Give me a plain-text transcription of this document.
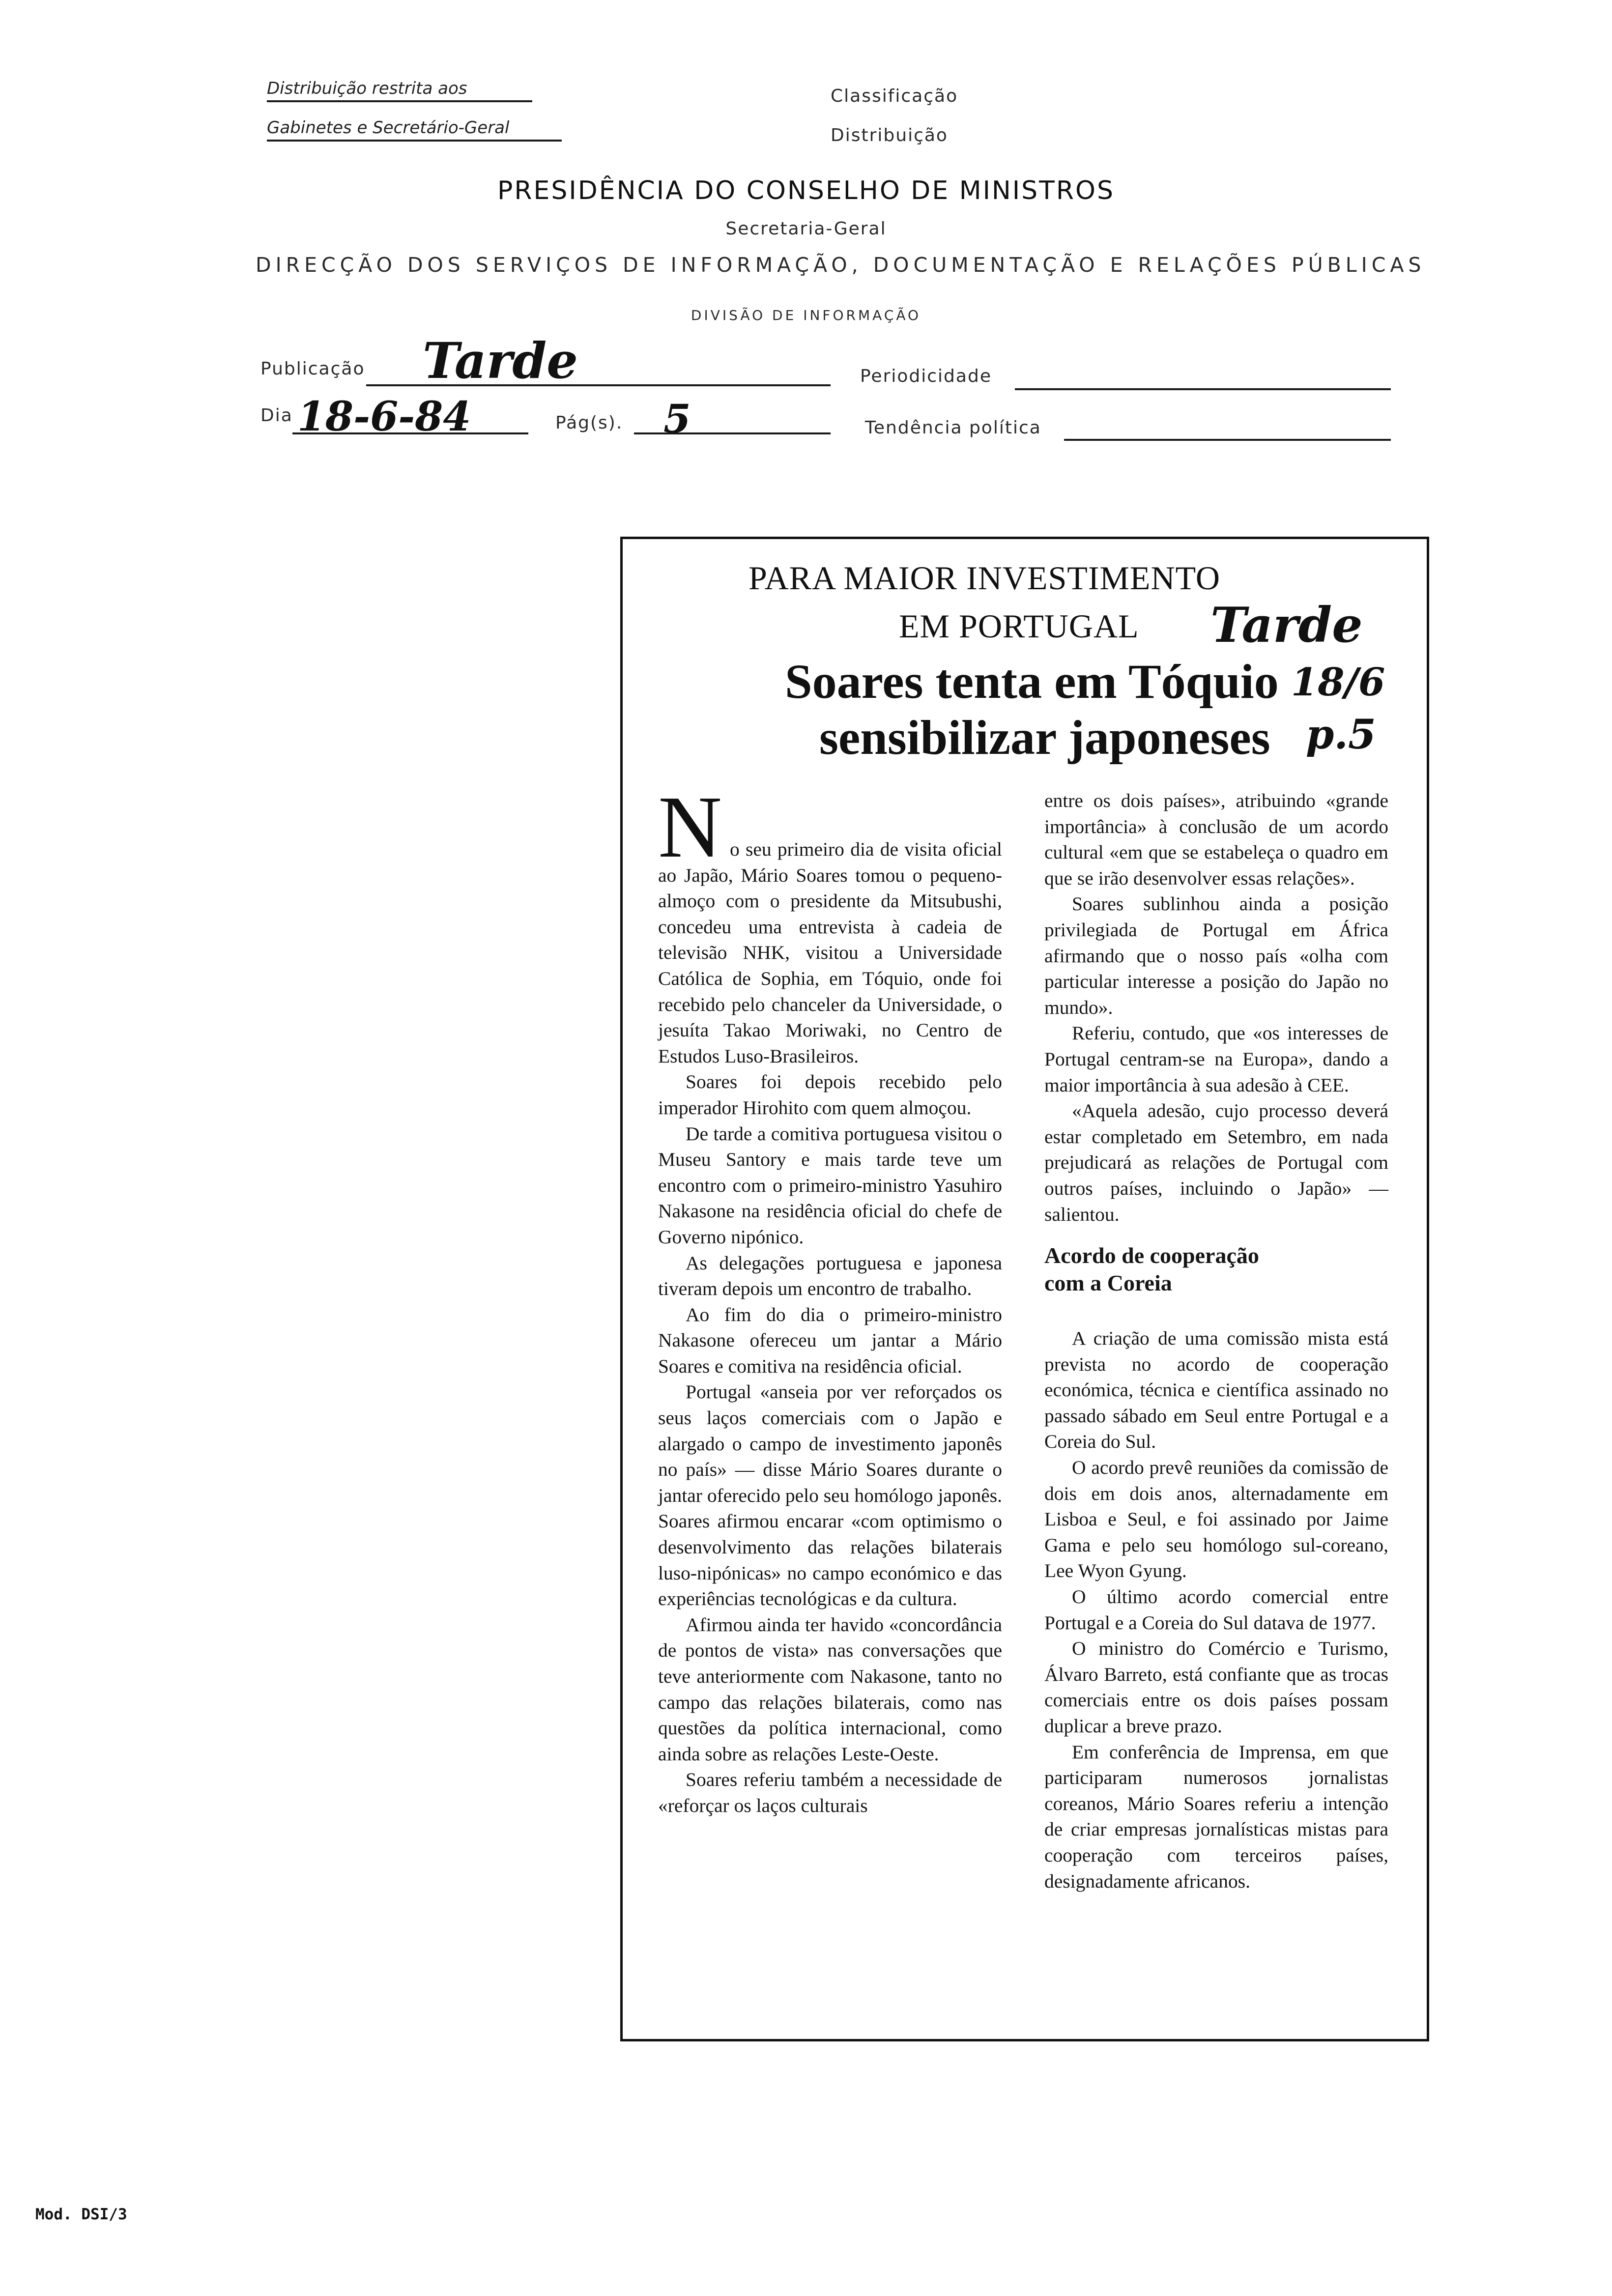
Distribuição restrita aos
Gabinetes e Secretário-Geral
Classificação
Distribuição
PRESIDÊNCIA DO CONSELHO DE MINISTROS
Secretaria-Geral
DIRECÇÃO DOS SERVIÇOS DE INFORMAÇÃO, DOCUMENTAÇÃO E RELAÇÕES PÚBLICAS
DIVISÃO DE INFORMAÇÃO
Publicação Tarde	Periodicidade
Dia 18-6-84	Pág(s). 5	Tendência política
PARA MAIOR INVESTIMENTO
EM PORTUGAL Tarde
Soares tenta em Tóquio 18/6
sensibilizar japoneses p.5
N o seu primeiro dia de visita oficial ao Japão, Mário Soares tomou o pequeno-almoço com o presidente da Mitsubushi, concedeu uma entrevista à cadeia de televisão NHK, visitou a Universidade Católica de Sophia, em Tóquio, onde foi recebido pelo chanceler da Universidade, o jesuíta Takao Moriwaki, no Centro de Estudos Luso-Brasileiros.

Soares foi depois recebido pelo imperador Hirohito com quem almoçou.

De tarde a comitiva portuguesa visitou o Museu Santory e mais tarde teve um encontro com o primeiro-ministro Yasuhiro Nakasone na residência oficial do chefe de Governo nipónico.

As delegações portuguesa e japonesa tiveram depois um encontro de trabalho.

Ao fim do dia o primeiro-ministro Nakasone ofereceu um jantar a Mário Soares e comitiva na residência oficial.

Portugal «anseia por ver reforçados os seus laços comerciais com o Japão e alargado o campo de investimento japonês no país» — disse Mário Soares durante o jantar oferecido pelo seu homólogo japonês. Soares afirmou encarar «com optimismo o desenvolvimento das relações bilaterais luso-nipónicas» no campo económico e das experiências tecnológicas e da cultura.

Afirmou ainda ter havido «concordância de pontos de vista» nas conversações que teve anteriormente com Nakasone, tanto no campo das relações bilaterais, como nas questões da política internacional, como ainda sobre as relações Leste-Oeste.

Soares referiu também a necessidade de «reforçar os laços culturais

entre os dois países», atribuindo «grande importância» à conclusão de um acordo cultural «em que se estabeleça o quadro em que se irão desenvolver essas relações».

Soares sublinhou ainda a posição privilegiada de Portugal em África afirmando que o nosso país «olha com particular interesse a posição do Japão no mundo».

Referiu, contudo, que «os interesses de Portugal centram-se na Europa», dando a maior importância à sua adesão à CEE.

«Aquela adesão, cujo processo deverá estar completado em Setembro, em nada prejudicará as relações de Portugal com outros países, incluindo o Japão» — salientou.

Acordo de cooperação
com a Coreia

A criação de uma comissão mista está prevista no acordo de cooperação económica, técnica e científica assinado no passado sábado em Seul entre Portugal e a Coreia do Sul.

O acordo prevê reuniões da comissão de dois em dois anos, alternadamente em Lisboa e Seul, e foi assinado por Jaime Gama e pelo seu homólogo sul-coreano, Lee Wyon Gyung.

O último acordo comercial entre Portugal e a Coreia do Sul datava de 1977.

O ministro do Comércio e Turismo, Álvaro Barreto, está confiante que as trocas comerciais entre os dois países possam duplicar a breve prazo.

Em conferência de Imprensa, em que participaram numerosos jornalistas coreanos, Mário Soares referiu a intenção de criar empresas jornalísticas mistas para cooperação com terceiros países, designadamente africanos.

Mod. DSI/3
